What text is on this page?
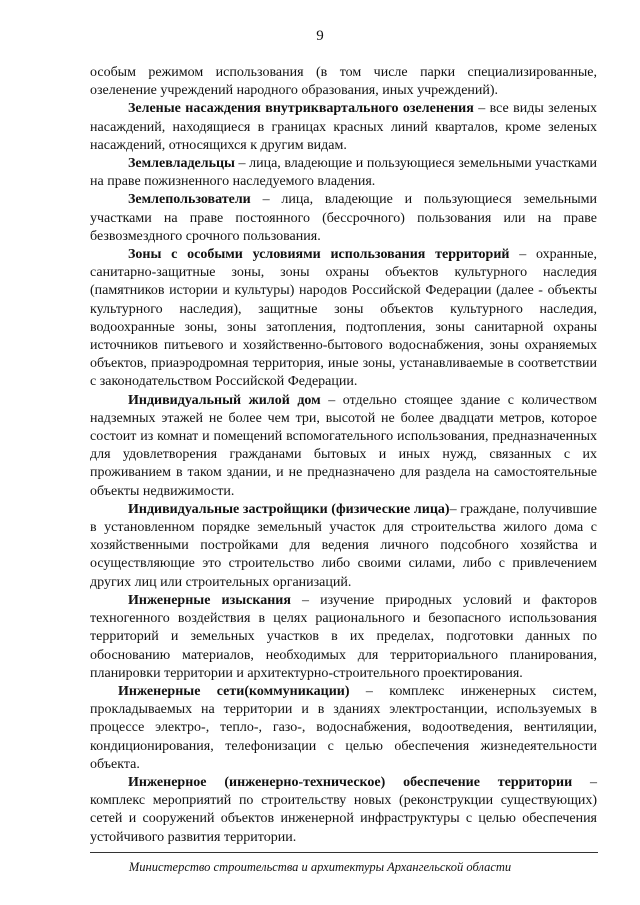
9

особым режимом использования (в том числе парки специализированные, озеленение учреждений народного образования, иных учреждений).

Зеленые насаждения внутриквартального озеленения – все виды зеленых насаждений, находящиеся в границах красных линий кварталов, кроме зеленых насаждений, относящихся к другим видам.

Землевладельцы – лица, владеющие и пользующиеся земельными участками на праве пожизненного наследуемого владения.

Землепользователи – лица, владеющие и пользующиеся земельными участками на праве постоянного (бессрочного) пользования или на праве безвозмездного срочного пользования.

Зоны с особыми условиями использования территорий – охранные, санитарно-защитные зоны, зоны охраны объектов культурного наследия (памятников истории и культуры) народов Российской Федерации (далее - объекты культурного наследия), защитные зоны объектов культурного наследия, водоохранные зоны, зоны затопления, подтопления, зоны санитарной охраны источников питьевого и хозяйственно-бытового водоснабжения, зоны охраняемых объектов, приаэродромная территория, иные зоны, устанавливаемые в соответствии с законодательством Российской Федерации.

Индивидуальный жилой дом – отдельно стоящее здание с количеством надземных этажей не более чем три, высотой не более двадцати метров, которое состоит из комнат и помещений вспомогательного использования, предназначенных для удовлетворения гражданами бытовых и иных нужд, связанных с их проживанием в таком здании, и не предназначено для раздела на самостоятельные объекты недвижимости.

Индивидуальные застройщики (физические лица)– граждане, получившие в установленном порядке земельный участок для строительства жилого дома с хозяйственными постройками для ведения личного подсобного хозяйства и осуществляющие это строительство либо своими силами, либо с привлечением других лиц или строительных организаций.

Инженерные изыскания – изучение природных условий и факторов техногенного воздействия в целях рационального и безопасного использования территорий и земельных участков в их пределах, подготовки данных по обоснованию материалов, необходимых для территориального планирования, планировки территории и архитектурно-строительного проектирования.

Инженерные сети(коммуникации) – комплекс инженерных систем, прокладываемых на территории и в зданиях электростанции, используемых в процессе электро-, тепло-, газо-, водоснабжения, водоотведения, вентиляции, кондиционирования, телефонизации с целью обеспечения жизнедеятельности объекта.

Инженерное (инженерно-техническое) обеспечение территории – комплекс мероприятий по строительству новых (реконструкции существующих) сетей и сооружений объектов инженерной инфраструктуры с целью обеспечения устойчивого развития территории.

Министерство строительства и архитектуры Архангельской области
